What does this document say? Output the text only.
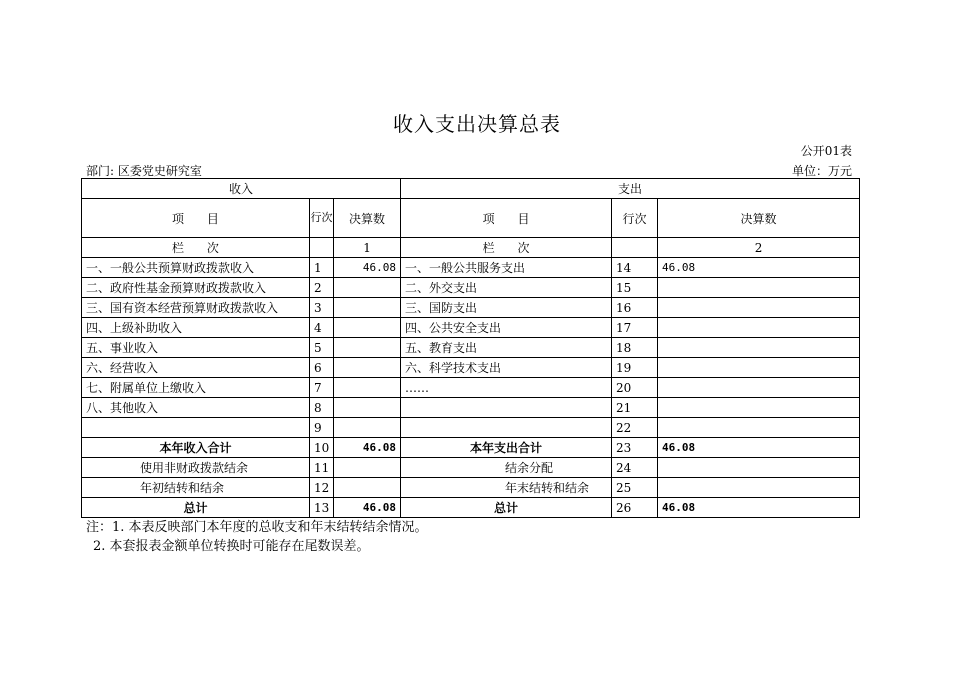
收入支出决算总表
公开01表
部门: 区委党史研究室	单位：万元
收入			支出		
项      目	行次	决算数	项      目	行次	决算数
栏      次		1	栏      次		2
一、一般公共预算财政拨款收入	1	46.08	一、一般公共服务支出	14	46.08
二、政府性基金预算财政拨款收入	2		二、外交支出	15	
三、国有资本经营预算财政拨款收入	3		三、国防支出	16	
四、上级补助收入	4		四、公共安全支出	17	
五、事业收入	5		五、教育支出	18	
六、经营收入	6		六、科学技术支出	19	
七、附属单位上缴收入	7		……	20	
八、其他收入	8			21	
	9			22	
本年收入合计	10	46.08	本年支出合计	23	46.08
使用非财政拨款结余	11		结余分配	24	
年初结转和结余	12		年末结转和结余	25	
总计	13	46.08	总计	26	46.08
注：1. 本表反映部门本年度的总收支和年末结转结余情况。
2. 本套报表金额单位转换时可能存在尾数误差。
